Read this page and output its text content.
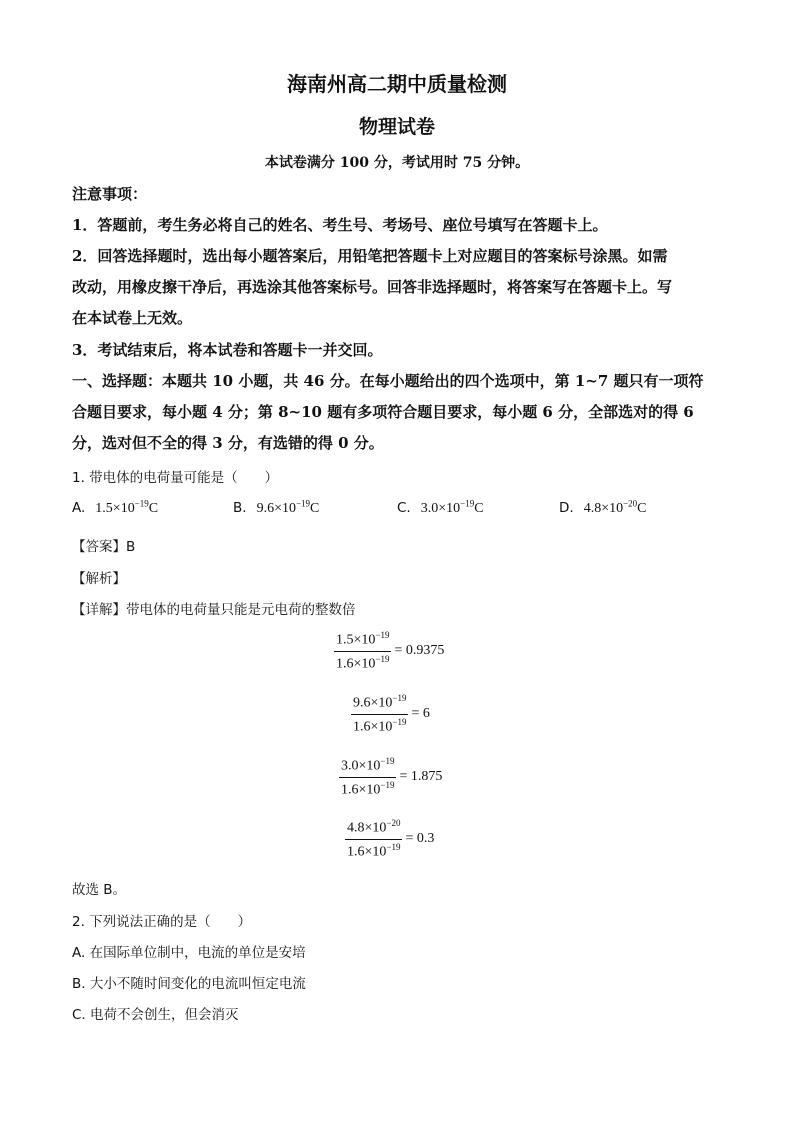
海南州高二期中质量检测
物理试卷
本试卷满分 100 分，考试用时 75 分钟。
注意事项：
1．答题前，考生务必将自己的姓名、考生号、考场号、座位号填写在答题卡上。
2．回答选择题时，选出每小题答案后，用铅笔把答题卡上对应题目的答案标号涂黑。如需
改动，用橡皮擦干净后，再选涂其他答案标号。回答非选择题时，将答案写在答题卡上。写
在本试卷上无效。
3．考试结束后，将本试卷和答题卡一并交回。
一、选择题：本题共 10 小题，共 46 分。在每小题给出的四个选项中，第 1~7 题只有一项符
合题目要求，每小题 4 分；第 8~10 题有多项符合题目要求，每小题 6 分，全部选对的得 6
分，选对但不全的得 3 分，有选错的得 0 分。
1. 带电体的电荷量可能是（　　）
A. $1.5\times 10^{-19}C$	B. $9.6\times 10^{-19}C$	C. $3.0\times 10^{-19}C$	D. $4.8\times 10^{-20}C$
【答案】B
【解析】
【详解】带电体的电荷量只能是元电荷的整数倍
$\frac{1.5\times 10^{-19}}{1.6\times 10^{-19}} = 0.9375$
$\frac{9.6\times 10^{-19}}{1.6\times 10^{-19}} = 6$
$\frac{3.0\times 10^{-19}}{1.6\times 10^{-19}} = 1.875$
$\frac{4.8\times 10^{-20}}{1.6\times 10^{-19}} = 0.3$
故选 B。
2. 下列说法正确的是（　　）
A. 在国际单位制中，电流的单位是安培
B. 大小不随时间变化的电流叫恒定电流
C. 电荷不会创生，但会消灭
